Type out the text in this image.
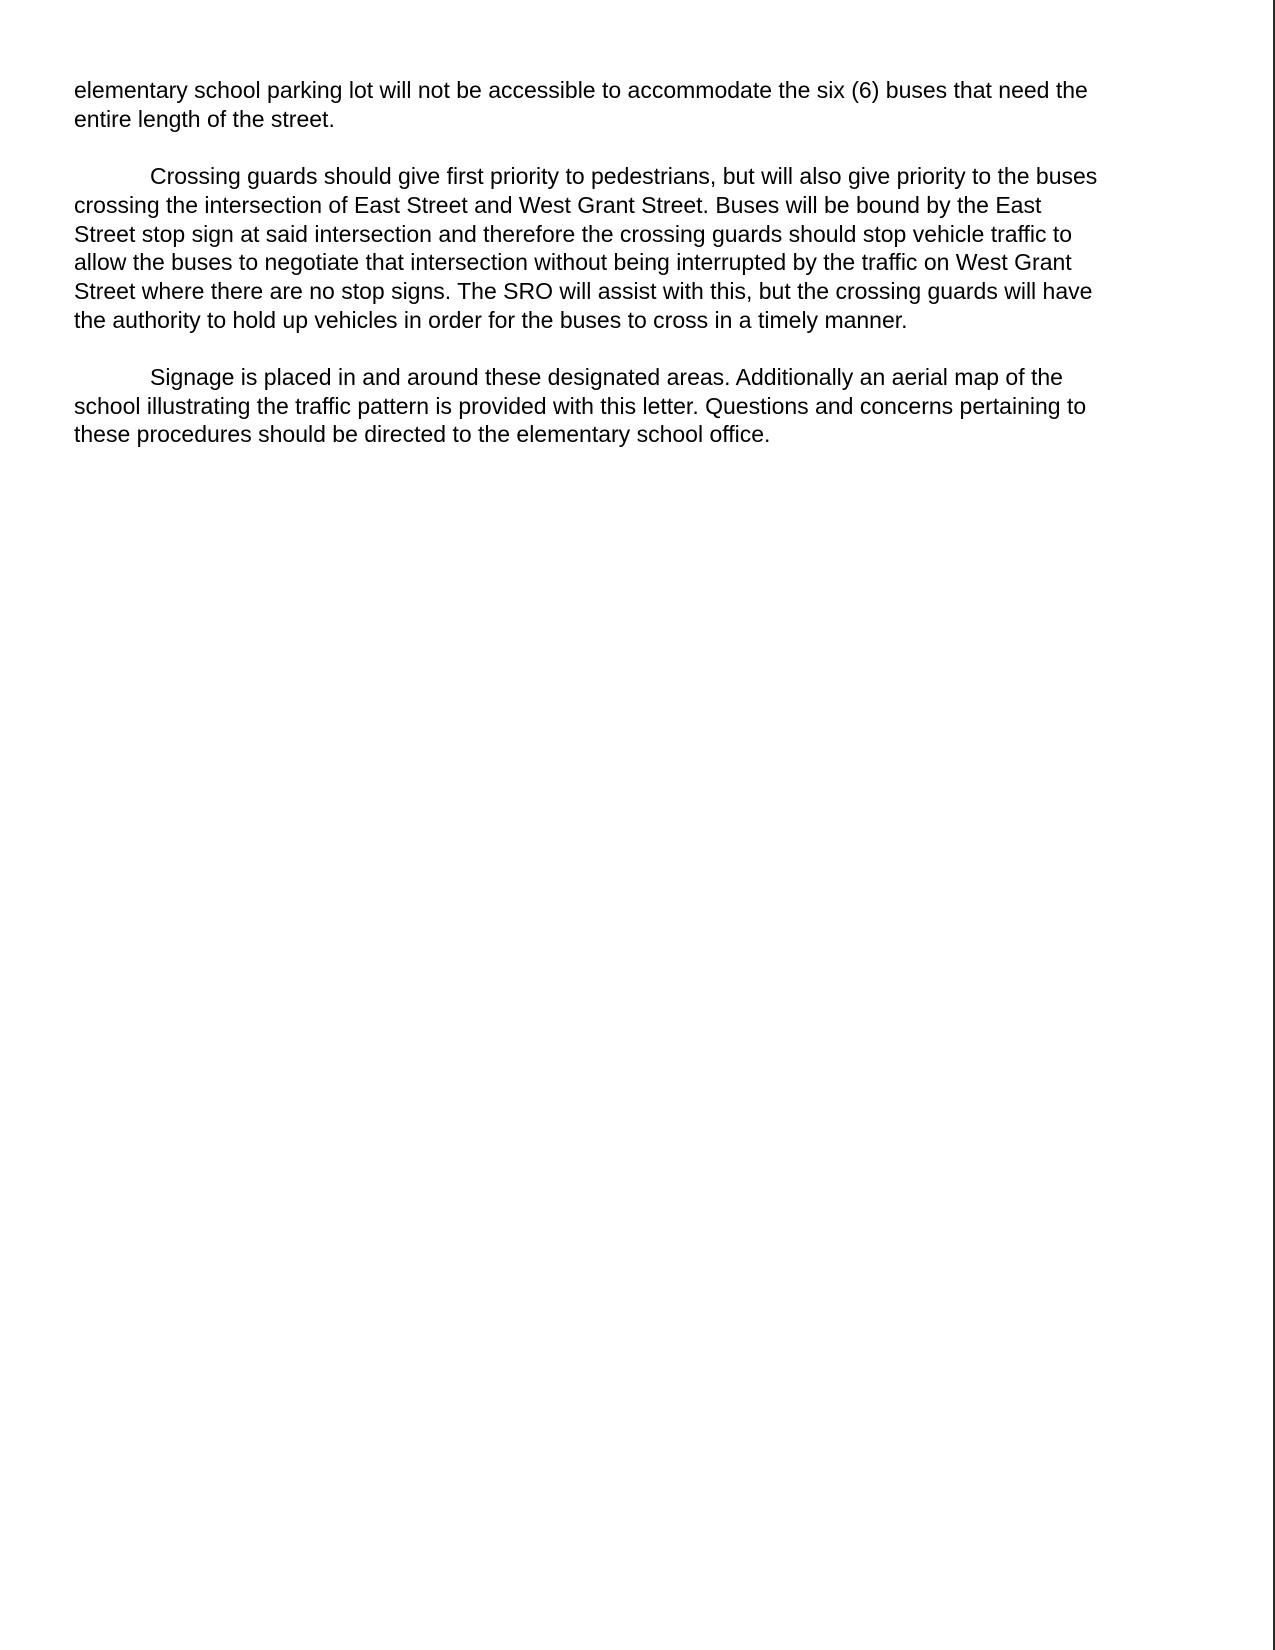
elementary school parking lot will not be accessible to accommodate the six (6) buses that need the
entire length of the street.
Crossing guards should give first priority to pedestrians, but will also give priority to the buses
crossing the intersection of East Street and West Grant Street. Buses will be bound by the East
Street stop sign at said intersection and therefore the crossing guards should stop vehicle traffic to
allow the buses to negotiate that intersection without being interrupted by the traffic on West Grant
Street where there are no stop signs. The SRO will assist with this, but the crossing guards will have
the authority to hold up vehicles in order for the buses to cross in a timely manner.
Signage is placed in and around these designated areas. Additionally an aerial map of the
school illustrating the traffic pattern is provided with this letter. Questions and concerns pertaining to
these procedures should be directed to the elementary school office.
